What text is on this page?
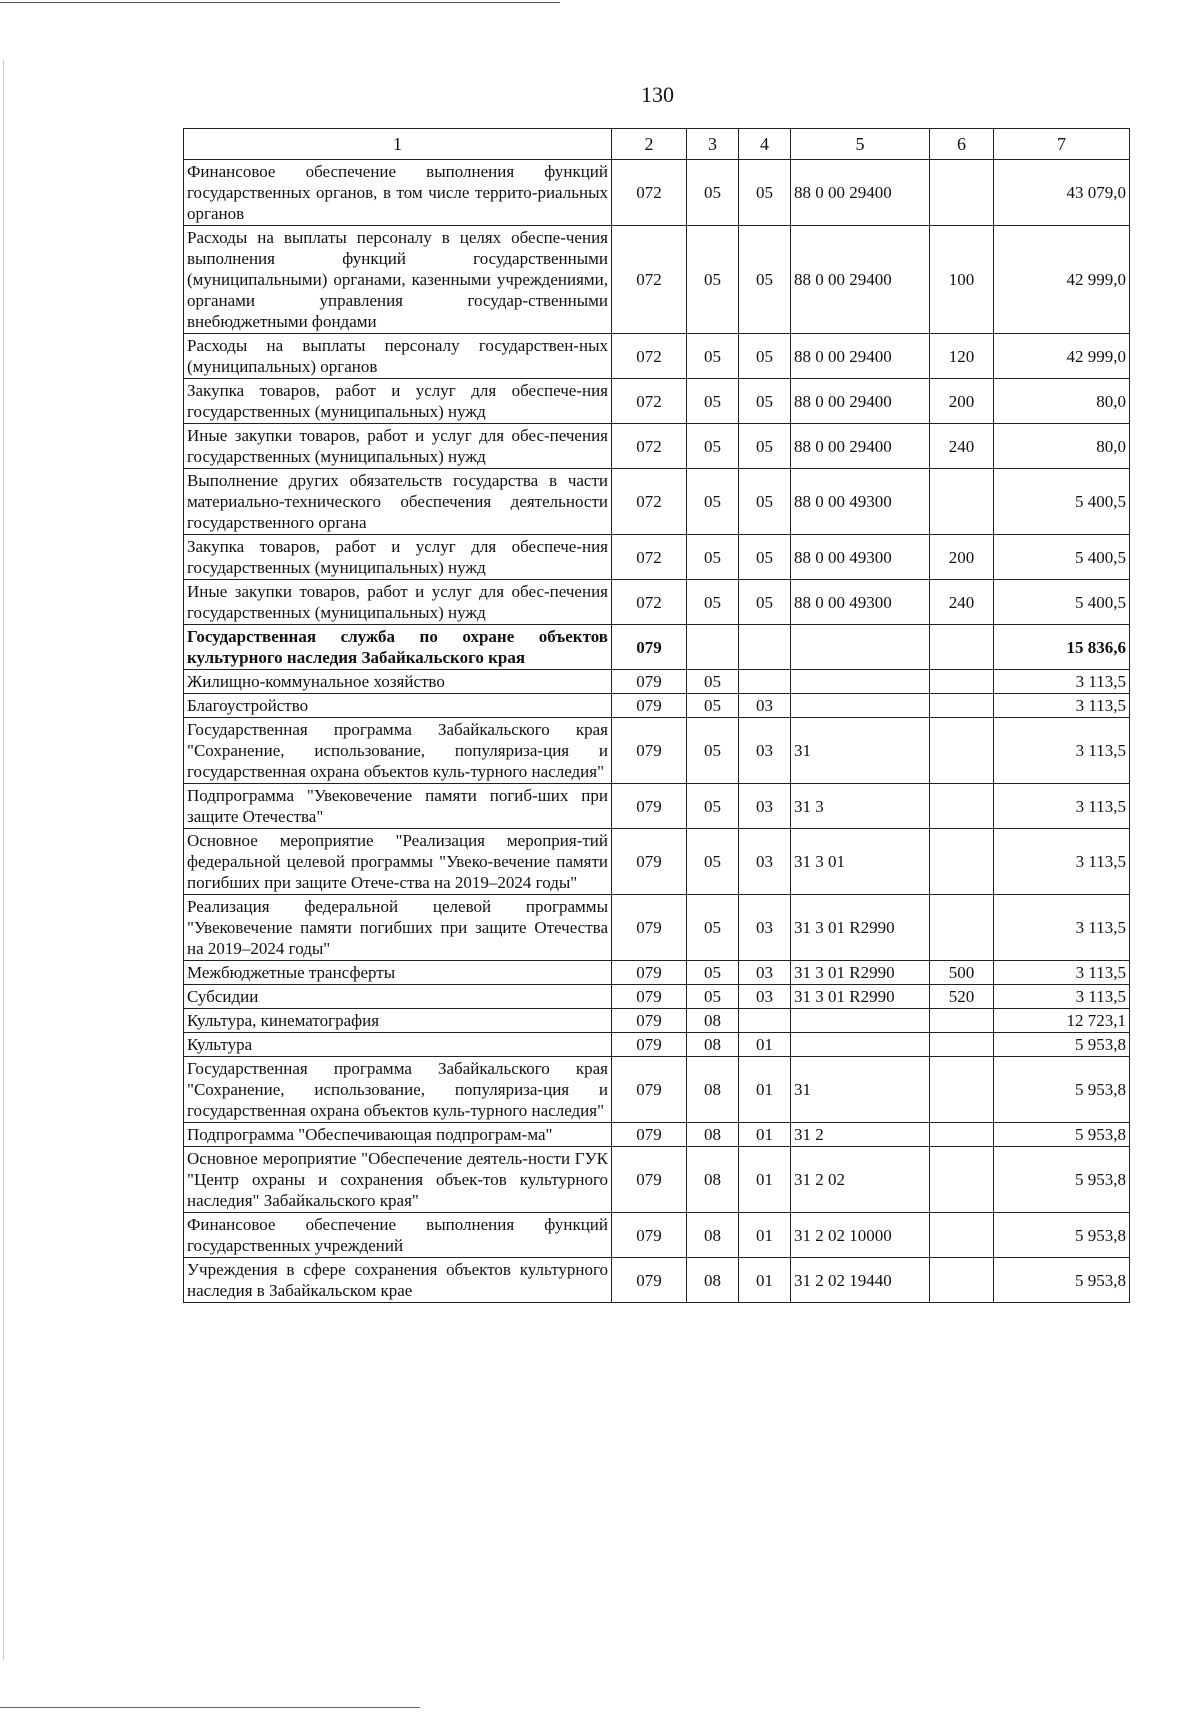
130
1	2	3	4	5	6	7
Финансовое обеспечение выполнения функций государственных органов, в том числе террито-риальных органов	072	05	05	88 0 00 29400		43 079,0
Расходы на выплаты персоналу в целях обеспе-чения выполнения функций государственными (муниципальными) органами, казенными учреждениями, органами управления государ-ственными внебюджетными фондами	072	05	05	88 0 00 29400	100	42 999,0
Расходы на выплаты персоналу государствен-ных (муниципальных) органов	072	05	05	88 0 00 29400	120	42 999,0
Закупка товаров, работ и услуг для обеспече-ния государственных (муниципальных) нужд	072	05	05	88 0 00 29400	200	80,0
Иные закупки товаров, работ и услуг для обес-печения государственных (муниципальных) нужд	072	05	05	88 0 00 29400	240	80,0
Выполнение других обязательств государства в части материально-технического обеспечения деятельности государственного органа	072	05	05	88 0 00 49300		5 400,5
Закупка товаров, работ и услуг для обеспече-ния государственных (муниципальных) нужд	072	05	05	88 0 00 49300	200	5 400,5
Иные закупки товаров, работ и услуг для обес-печения государственных (муниципальных) нужд	072	05	05	88 0 00 49300	240	5 400,5
Государственная служба по охране объектов культурного наследия Забайкальского края	079					15 836,6
Жилищно-коммунальное хозяйство	079	05				3 113,5
Благоустройство	079	05	03			3 113,5
Государственная программа Забайкальского края "Сохранение, использование, популяриза-ция и государственная охрана объектов куль-турного наследия"	079	05	03	31		3 113,5
Подпрограмма "Увековечение памяти погиб-ших при защите Отечества"	079	05	03	31 3		3 113,5
Основное мероприятие "Реализация мероприя-тий федеральной целевой программы "Увеко-вечение памяти погибших при защите Отече-ства на 2019–2024 годы"	079	05	03	31 3 01		3 113,5
Реализация федеральной целевой программы "Увековечение памяти погибших при защите Отечества на 2019–2024 годы"	079	05	03	31 3 01 R2990		3 113,5
Межбюджетные трансферты	079	05	03	31 3 01 R2990	500	3 113,5
Субсидии	079	05	03	31 3 01 R2990	520	3 113,5
Культура, кинематография	079	08				12 723,1
Культура	079	08	01			5 953,8
Государственная программа Забайкальского края "Сохранение, использование, популяриза-ция и государственная охрана объектов куль-турного наследия"	079	08	01	31		5 953,8
Подпрограмма "Обеспечивающая подпрограм-ма"	079	08	01	31 2		5 953,8
Основное мероприятие "Обеспечение деятель-ности ГУК "Центр охраны и сохранения объек-тов культурного наследия" Забайкальского края"	079	08	01	31 2 02		5 953,8
Финансовое обеспечение выполнения функций государственных учреждений	079	08	01	31 2 02 10000		5 953,8
Учреждения в сфере сохранения объектов культурного наследия в Забайкальском крае	079	08	01	31 2 02 19440		5 953,8
